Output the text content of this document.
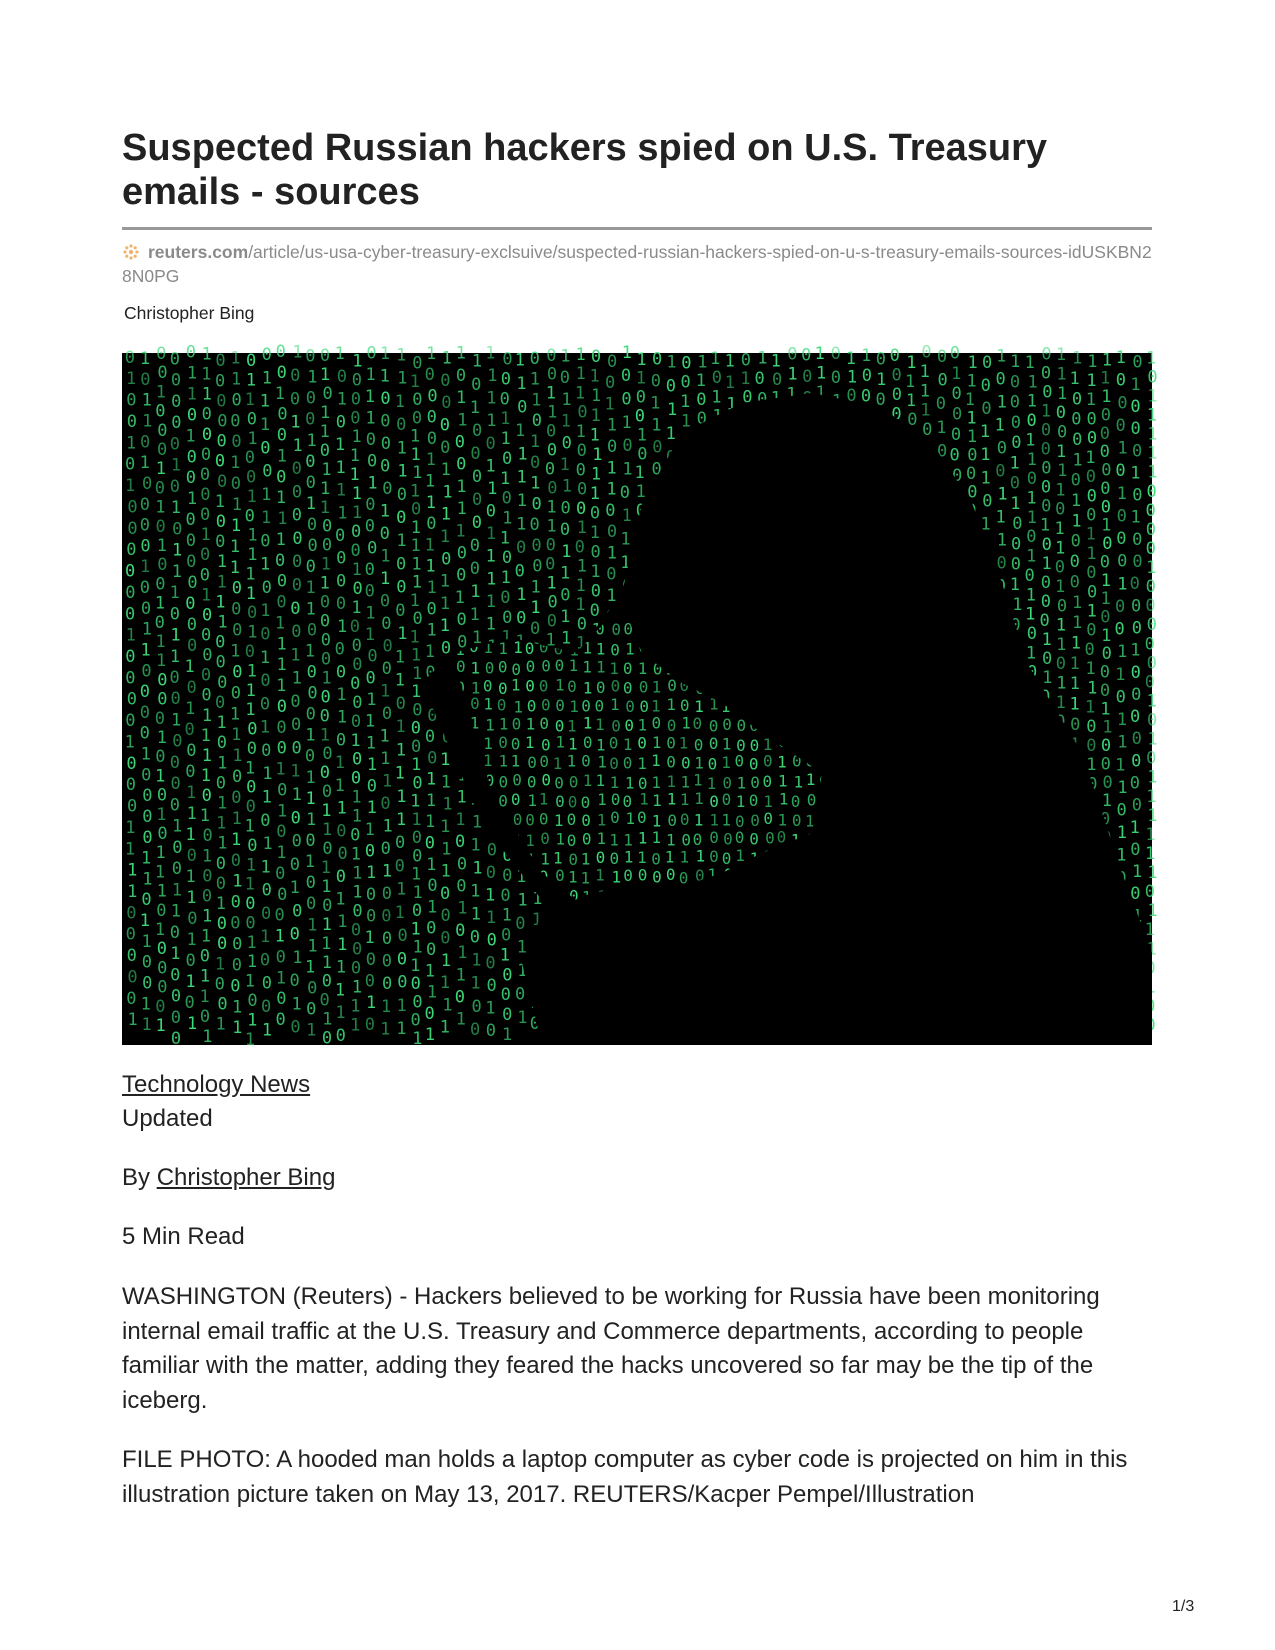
Suspected Russian hackers spied on U.S. Treasury emails - sources
reuters.com/article/us-usa-cyber-treasury-exclsuive/suspected-russian-hackers-spied-on-u-s-treasury-emails-sources-idUSKBN28N0PG
Christopher Bing
0
1
0
0
1
0
1
0
0
0
0
0
0
1
0
0
0
0
1
0
0
0
1
1
1
1
0
0
0
0
0
1
1
0
1
1
0
1
0
0
0
0
1
0
0
1
1
0
0
0
0
1
0
0
0
0
1
1
0
1
1
0
0
1
1
0
0
1
0
0
0
1
0
1
0
1
0
0
1
0
1
1
0
0
0
1
0
1
0
1
0
1
1
1
0
1
0
0
0
0
1
0
0
0
0
0
1
0
1
0
1
1
1
0
1
1
0
0
1
0
0
0
0
1
0
0
1
1
0
1
0
0
0
0
0
1
1
0
1
0
0
1
0
0
0
0
0
0
0
1
0
1
0
0
0
1
1
1
0
1
1
0
1
0
1
0
1
1
1
1
0
0
0
0
0
0
1
0
0
1
0
0
0
0
0
1
1
1
1
0
1
0
1
0
0
1
1
0
1
1
0
1
0
0
0
0
0
0
0
1
0
0
1
1
1
1
0
0
0
0
1
0
1
0
1
1
1
0
0
1
0
0
1
0
0
1
1
1
0
0
0
1
0
1
1
1
1
0
0
0
1
0
0
1
1
1
0
0
1
1
0
1
0
0
0
0
0
1
1
0
1
1
0
1
0
0
1
0
1
1
1
1
0
1
0
1
1
1
0
0
1
0
0
1
0
1
1
0
0
1
1
1
0
1
1
0
1
1
1
0
0
1
1
0
1
0
1
0
1
0
0
1
0
1
1
0
1
1
0
0
1
0
0
0
1
0
0
1
0
0
1
0
1
1
1
0
0
0
1
1
1
1
0
0
0
1
0
1
0
1
0
0
0
1
0
1
0
0
1
0
0
1
1
0
0
0
0
0
0
0
0
1
1
0
0
0
1
1
0
0
0
1
0
0
1
0
1
0
0
1
0
0
1
0
0
1
0
0
0
1
1
0
1
0
0
0
1
0
1
1
1
0
1
0
0
1
1
1
0
0
1
0
1
0
1
1
0
1
1
1
0
0
1
1
0
0
0
0
1
0
0
1
0
0
0
1
1
0
1
1
0
1
1
1
0
0
1
0
1
0
1
0
1
1
1
1
0
0
0
0
1
0
0
1
1
0
1
1
1
0
0
0
1
1
1
1
1
1
0
1
0
0
0
1
1
1
1
1
0
0
1
0
1
0
0
0
0
0
0
1
0
0
1
1
0
1
1
1
0
0
0
0
1
1
1
0
1
1
1
0
0
1
0
0
0
0
0
1
1
0
0
1
1
1
1
0
1
1
0
1
0
0
1
0
0
1
0
1
1
0
0
0
0
0
1
0
1
1
0
0
0
0
1
0
1
1
1
0
1
0
1
0
0
0
0
0
1
1
1
1
1
0
1
1
0
0
1
0
0
0
1
1
1
0
1
1
1
1
1
0
0
1
1
0
0
0
1
1
0
1
0
0
1
1
1
1
0
1
1
1
1
1
0
1
1
1
1
0
0
0
1
0
1
1
0
0
1
1
0
1
1
1
0
0
0
1
1
0
0
0
0
1
1
1
0
1
1
1
0
1
1
0
0
0
0
1
1
1
0
1
0
1
0
0
1
1
0
1
1
0
0
0
0
1
1
1
1
0
1
1
1
0
1
1
1
1
1
1
0
0
0
1
1
1
1
1
0
1
1
0
0
1
1
1
0
0
1
0
0
1
1
0
0
0
1
0
1
1
0
1
1
0
1
0
0
0
0
0
0
0
1
1
1
1
1
1
1
1
0
1
1
0
0
1
1
1
1
0
1
1
0
1
1
1
1
1
0
0
1
1
0
0
0
1
0
0
0
0
1
1
0
1
0
1
1
0
1
0
0
1
0
0
0
1
0
1
0
0
0
1
1
1
0
1
1
1
1
1
0
0
1
0
1
1
0
1
1
0
1
0
1
1
0
1
0
1
0
0
0
0
1
1
0
1
1
0
0
0
1
1
0
0
0
0
1
1
0
0
1
0
0
1
1
0
1
1
0
1
1
0
0
1
1
0
1
1
1
1
1
0
1
0
0
0
0
1
0
1
1
1
0
1
0
1
1
1
1
1
1
1
0
1
0
1
0
0
0
0
1
1
0
1
1
0
0
1
0
1
1
0
0
1
0
1
0
1
1
1
1
1
0
0
1
0
1
1
0
0
1
1
0
0
1
0
1
1
0
0
1
1
1
1
0
0
1
0
1
1
1
1
0
1
0
1
0
0
1
0
0
1
1
0
0
1
1
1
0
0
1
1
0
1
0
0
0
1
0
0
0
0
0
1
1
1
0
0
1
1
1
0
0
0
0
1
0
0
1
0
0
0
0
0
1
1
1
1
1
0
0
0
0
0
0
1
1
1
0
1
1
0
1
1
0
0
1
1
1
0
1
0
0
0
0
1
0
1
0
0
0
1
1
0
1
1
1
0
1
1
0
1
1
0
1
0
1
1
0
1
0
0
0
1
0
0
0
0
0
1
0
1
0
0
0
1
0
1
1
1
1
0
0
1
1
1
0
1
1
0
1
0
1
1
0
1
1
1
1
0
0
0
1
0
1
1
0
0
0
1
1
1
1
1
1
0
1
1
1
0
0
1
0
0
0
1
1
0
0
1
0
0
1
1
1
0
0
1
1
1
1
0
0
0
0
0
0
1
0
0
1
1
0
1
0
0
0
1
1
0
0
0
1
0
1
0
0
0
1
0
1
0
0
0
1
0
0
1
1
0
1
1
1
1
0
1
1
0
1
0
0
0
1
0
1
0
0
0
0
0
1
0
0
0
0
0
0
0
1
0
1
0
1
0
1
1
1
1
1
0
0
0
0
1
0
0
0
0
0
0
1
0
1
0
1
1
1
1
1
1
0
1
1
1
1
1
1
1
1
0
0
0
1
1
1
1
0
1
0
1
1
0
1
0
0
0
1
0
0
1
1
0
1
0
0
1
0
1
0
0
1
0
0
1
1
1
1
0
1
0
0
1
0
0
1
0
0
0
1
0
1
0
0
0
1
0
0
1
1
0
1
1
0
0
1
0
0
0
1
0
1
1
0
0
0
0
1
1
0
0
1
0
1
1
0
1
0
0
0
0
0
0
0
0
1
0
0
1
0
0
0
1
0
0
1
1
0
0
1
1
1
0
0
1
1
0
1
1
1
1
0
0
0
0
0
1
0
0
1
1
1
0
1
0
0
1
0
0
0
1
1
0
1
1
0
0
1
1
1
1
1
1
1
0
1
0
0
1
0
1
0
0
0
1
0
0
1
0
1
0
1
0
0
0
0
1
0
1
0
1
1
1
0
1
0
0
1
0
1
0
1
0
1
1
0
0
1
1
0
1
1
1
1
1
1
0
0
0
1
0
0
0
1
1
0
1
1
0
0
0
1
1
0
1
1
0
0
1
0
1
0
0
1
1
1
1
0
1
0
1
0
0
0
1
0
1
0
0
1
1
0
1
1
0
0
1
0
0
0
0
0
1
1
0
0
1
0
0
0
0
0
0
1
0
0
1
0
0
1
1
1
1
0
0
1
0
0
1
0
1
Technology News
Updated
By Christopher Bing
5 Min Read

WASHINGTON (Reuters) - Hackers believed to be working for Russia have been monitoring internal email traffic at the U.S. Treasury and Commerce departments, according to people familiar with the matter, adding they feared the hacks uncovered so far may be the tip of the iceberg.

FILE PHOTO: A hooded man holds a laptop computer as cyber code is projected on him in this illustration picture taken on May 13, 2017. REUTERS/Kacper Pempel/Illustration

1/3
